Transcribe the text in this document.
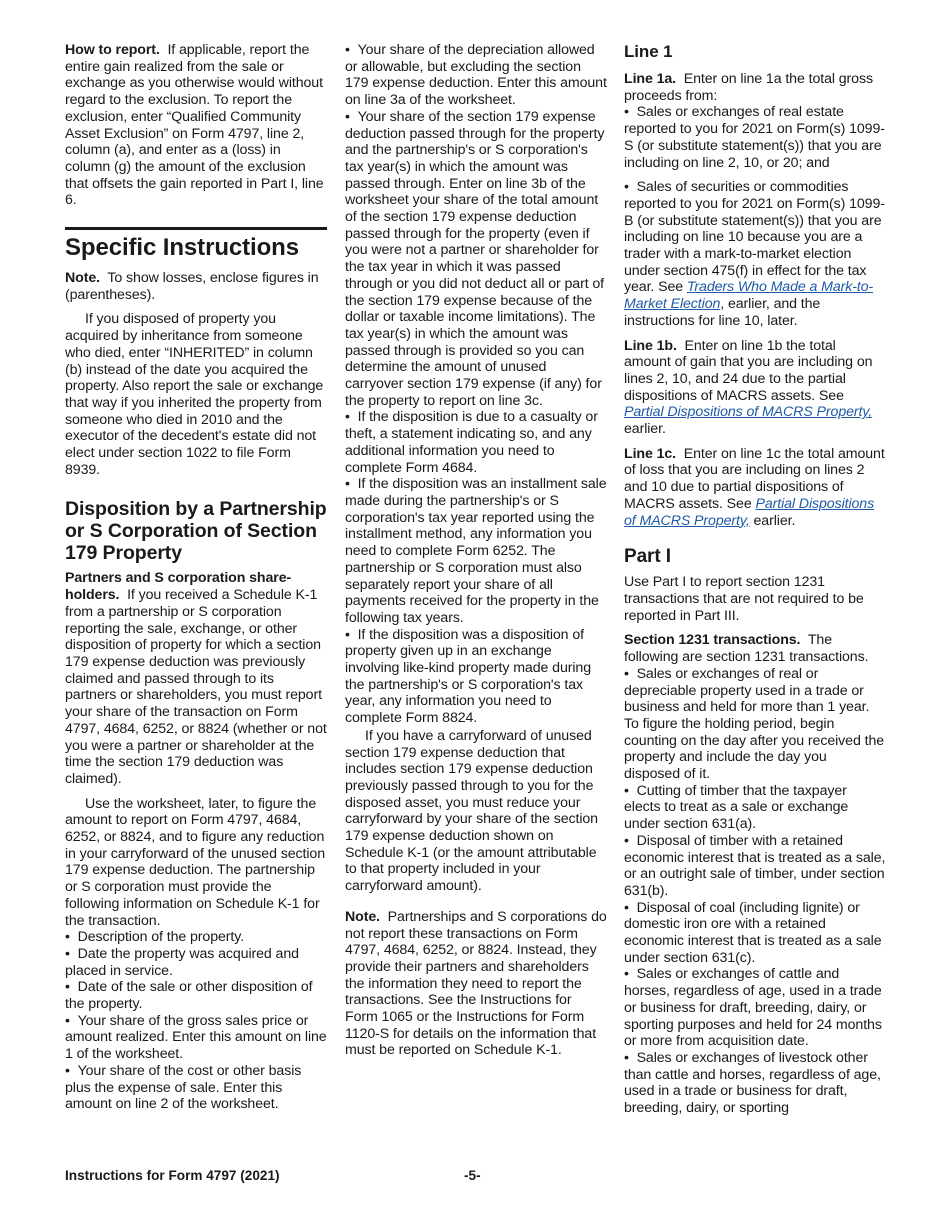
How to report. If applicable, report the entire gain realized from the sale or exchange as you otherwise would without regard to the exclusion. To report the exclusion, enter “Qualified Community Asset Exclusion” on Form 4797, line 2, column (a), and enter as a (loss) in column (g) the amount of the exclusion that offsets the gain reported in Part I, line 6.

Specific Instructions

Note. To show losses, enclose figures in (parentheses).

If you disposed of property you acquired by inheritance from someone who died, enter “INHERITED” in column (b) instead of the date you acquired the property. Also report the sale or exchange that way if you inherited the property from someone who died in 2010 and the executor of the decedent's estate did not elect under section 1022 to file Form 8939.

Disposition by a Partnership or S Corporation of Section 179 Property

Partners and S corporation share-holders. If you received a Schedule K-1 from a partnership or S corporation reporting the sale, exchange, or other disposition of property for which a section 179 expense deduction was previously claimed and passed through to its partners or shareholders, you must report your share of the transaction on Form 4797, 4684, 6252, or 8824 (whether or not you were a partner or shareholder at the time the section 179 deduction was claimed).

Use the worksheet, later, to figure the amount to report on Form 4797, 4684, 6252, or 8824, and to figure any reduction in your carryforward of the unused section 179 expense deduction. The partnership or S corporation must provide the following information on Schedule K-1 for the transaction.

•  Description of the property.

•  Date the property was acquired and placed in service.

•  Date of the sale or other disposition of the property.

•  Your share of the gross sales price or amount realized. Enter this amount on line 1 of the worksheet.

•  Your share of the cost or other basis plus the expense of sale. Enter this amount on line 2 of the worksheet.

•  Your share of the depreciation allowed or allowable, but excluding the section 179 expense deduction. Enter this amount on line 3a of the worksheet.

•  Your share of the section 179 expense deduction passed through for the property and the partnership's or S corporation's tax year(s) in which the amount was passed through. Enter on line 3b of the worksheet your share of the total amount of the section 179 expense deduction passed through for the property (even if you were not a partner or shareholder for the tax year in which it was passed through or you did not deduct all or part of the section 179 expense because of the dollar or taxable income limitations). The tax year(s) in which the amount was passed through is provided so you can determine the amount of unused carryover section 179 expense (if any) for the property to report on line 3c.

•  If the disposition is due to a casualty or theft, a statement indicating so, and any additional information you need to complete Form 4684.

•  If the disposition was an installment sale made during the partnership's or S corporation's tax year reported using the installment method, any information you need to complete Form 6252. The partnership or S corporation must also separately report your share of all payments received for the property in the following tax years.

•  If the disposition was a disposition of property given up in an exchange involving like-kind property made during the partnership's or S corporation's tax year, any information you need to complete Form 8824.

If you have a carryforward of unused section 179 expense deduction that includes section 179 expense deduction previously passed through to you for the disposed asset, you must reduce your carryforward by your share of the section 179 expense deduction shown on Schedule K-1 (or the amount attributable to that property included in your carryforward amount).

Note. Partnerships and S corporations do not report these transactions on Form 4797, 4684, 6252, or 8824. Instead, they provide their partners and shareholders the information they need to report the transactions. See the Instructions for Form 1065 or the Instructions for Form 1120-S for details on the information that must be reported on Schedule K-1.

Line 1

Line 1a. Enter on line 1a the total gross proceeds from:

•  Sales or exchanges of real estate reported to you for 2021 on Form(s) 1099-S (or substitute statement(s)) that you are including on line 2, 10, or 20; and

•  Sales of securities or commodities reported to you for 2021 on Form(s) 1099-B (or substitute statement(s)) that you are including on line 10 because you are a trader with a mark-to-market election under section 475(f) in effect for the tax year. See Traders Who Made a Mark-to-Market Election, earlier, and the instructions for line 10, later.

Line 1b. Enter on line 1b the total amount of gain that you are including on lines 2, 10, and 24 due to the partial dispositions of MACRS assets. See Partial Dispositions of MACRS Property, earlier.

Line 1c. Enter on line 1c the total amount of loss that you are including on lines 2 and 10 due to partial dispositions of MACRS assets. See Partial Dispositions of MACRS Property, earlier.

Part I

Use Part I to report section 1231 transactions that are not required to be reported in Part III.

Section 1231 transactions. The following are section 1231 transactions.

•  Sales or exchanges of real or depreciable property used in a trade or business and held for more than 1 year. To figure the holding period, begin counting on the day after you received the property and include the day you disposed of it.

•  Cutting of timber that the taxpayer elects to treat as a sale or exchange under section 631(a).

•  Disposal of timber with a retained economic interest that is treated as a sale, or an outright sale of timber, under section 631(b).

•  Disposal of coal (including lignite) or domestic iron ore with a retained economic interest that is treated as a sale under section 631(c).

•  Sales or exchanges of cattle and horses, regardless of age, used in a trade or business for draft, breeding, dairy, or sporting purposes and held for 24 months or more from acquisition date.

•  Sales or exchanges of livestock other than cattle and horses, regardless of age, used in a trade or business for draft, breeding, dairy, or sporting

Instructions for Form 4797 (2021)	-5-
